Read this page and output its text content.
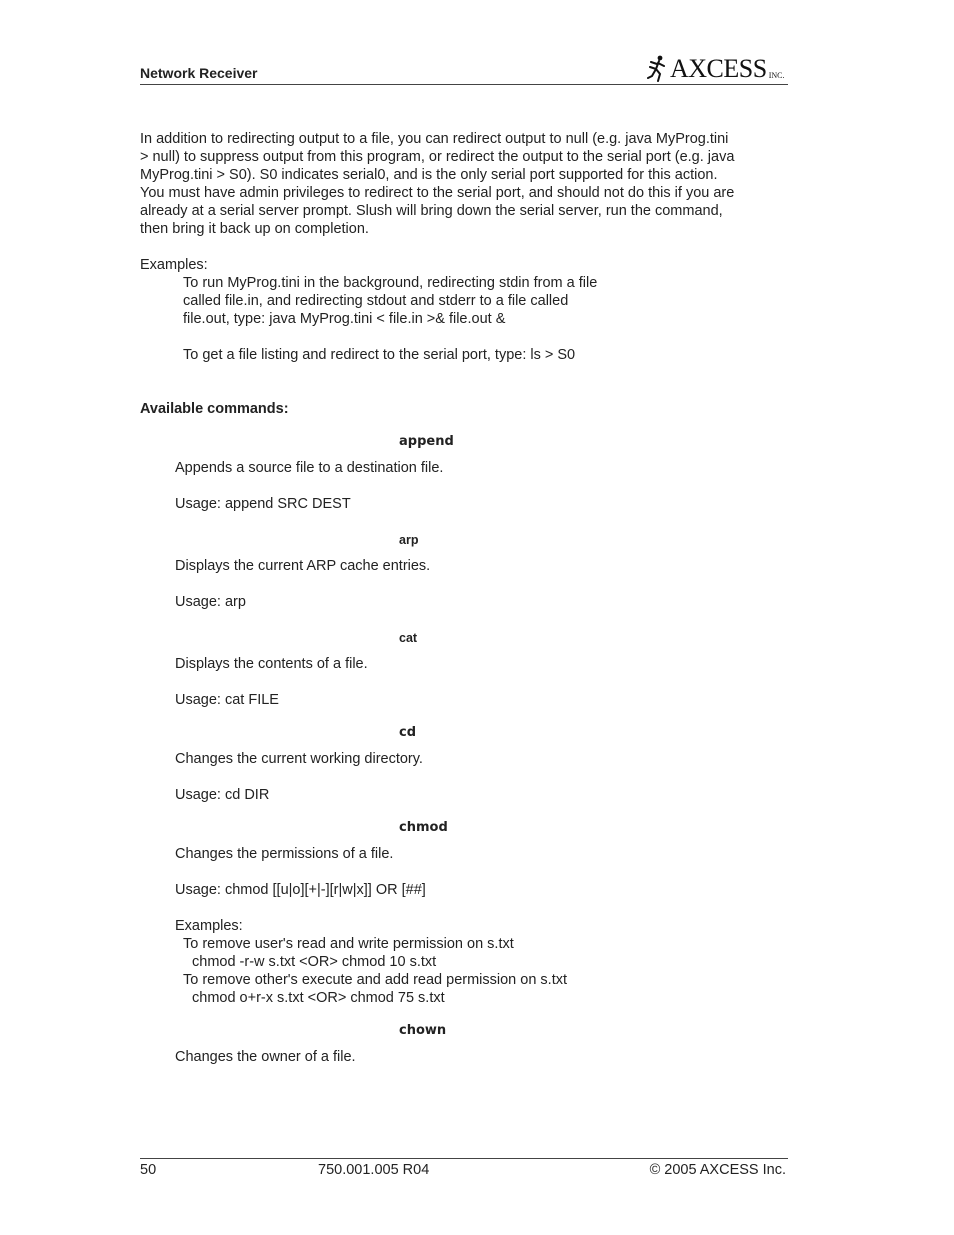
Network Receiver	AXCESS INC.

In addition to redirecting output to a file, you can redirect output to null (e.g. java MyProg.tini

> null) to suppress output from this program, or redirect the output to the serial port (e.g. java

MyProg.tini > S0). S0 indicates serial0, and is the only serial port supported for this action.

You must have admin privileges to redirect to the serial port, and should not do this if you are

already at a serial server prompt. Slush will bring down the serial server, run the command,

then bring it back up on completion.

Examples:

To run MyProg.tini in the background, redirecting stdin from a file

called file.in, and redirecting stdout and stderr to a file called

file.out, type: java MyProg.tini < file.in >& file.out &

To get a file listing and redirect to the serial port, type: ls > S0

Available commands:

append

Appends a source file to a destination file.

Usage: append SRC DEST

arp

Displays the current ARP cache entries.

Usage: arp

cat

Displays the contents of a file.

Usage: cat FILE

cd

Changes the current working directory.

Usage: cd DIR

chmod

Changes the permissions of a file.

Usage: chmod [[u|o][+|-][r|w|x]] OR [##]

Examples:

To remove user's read and write permission on s.txt

chmod -r-w s.txt <OR> chmod 10 s.txt

To remove other's execute and add read permission on s.txt

chmod o+r-x s.txt <OR> chmod 75 s.txt

chown

Changes the owner of a file.

50	750.001.005 R04	© 2005 AXCESS Inc.
